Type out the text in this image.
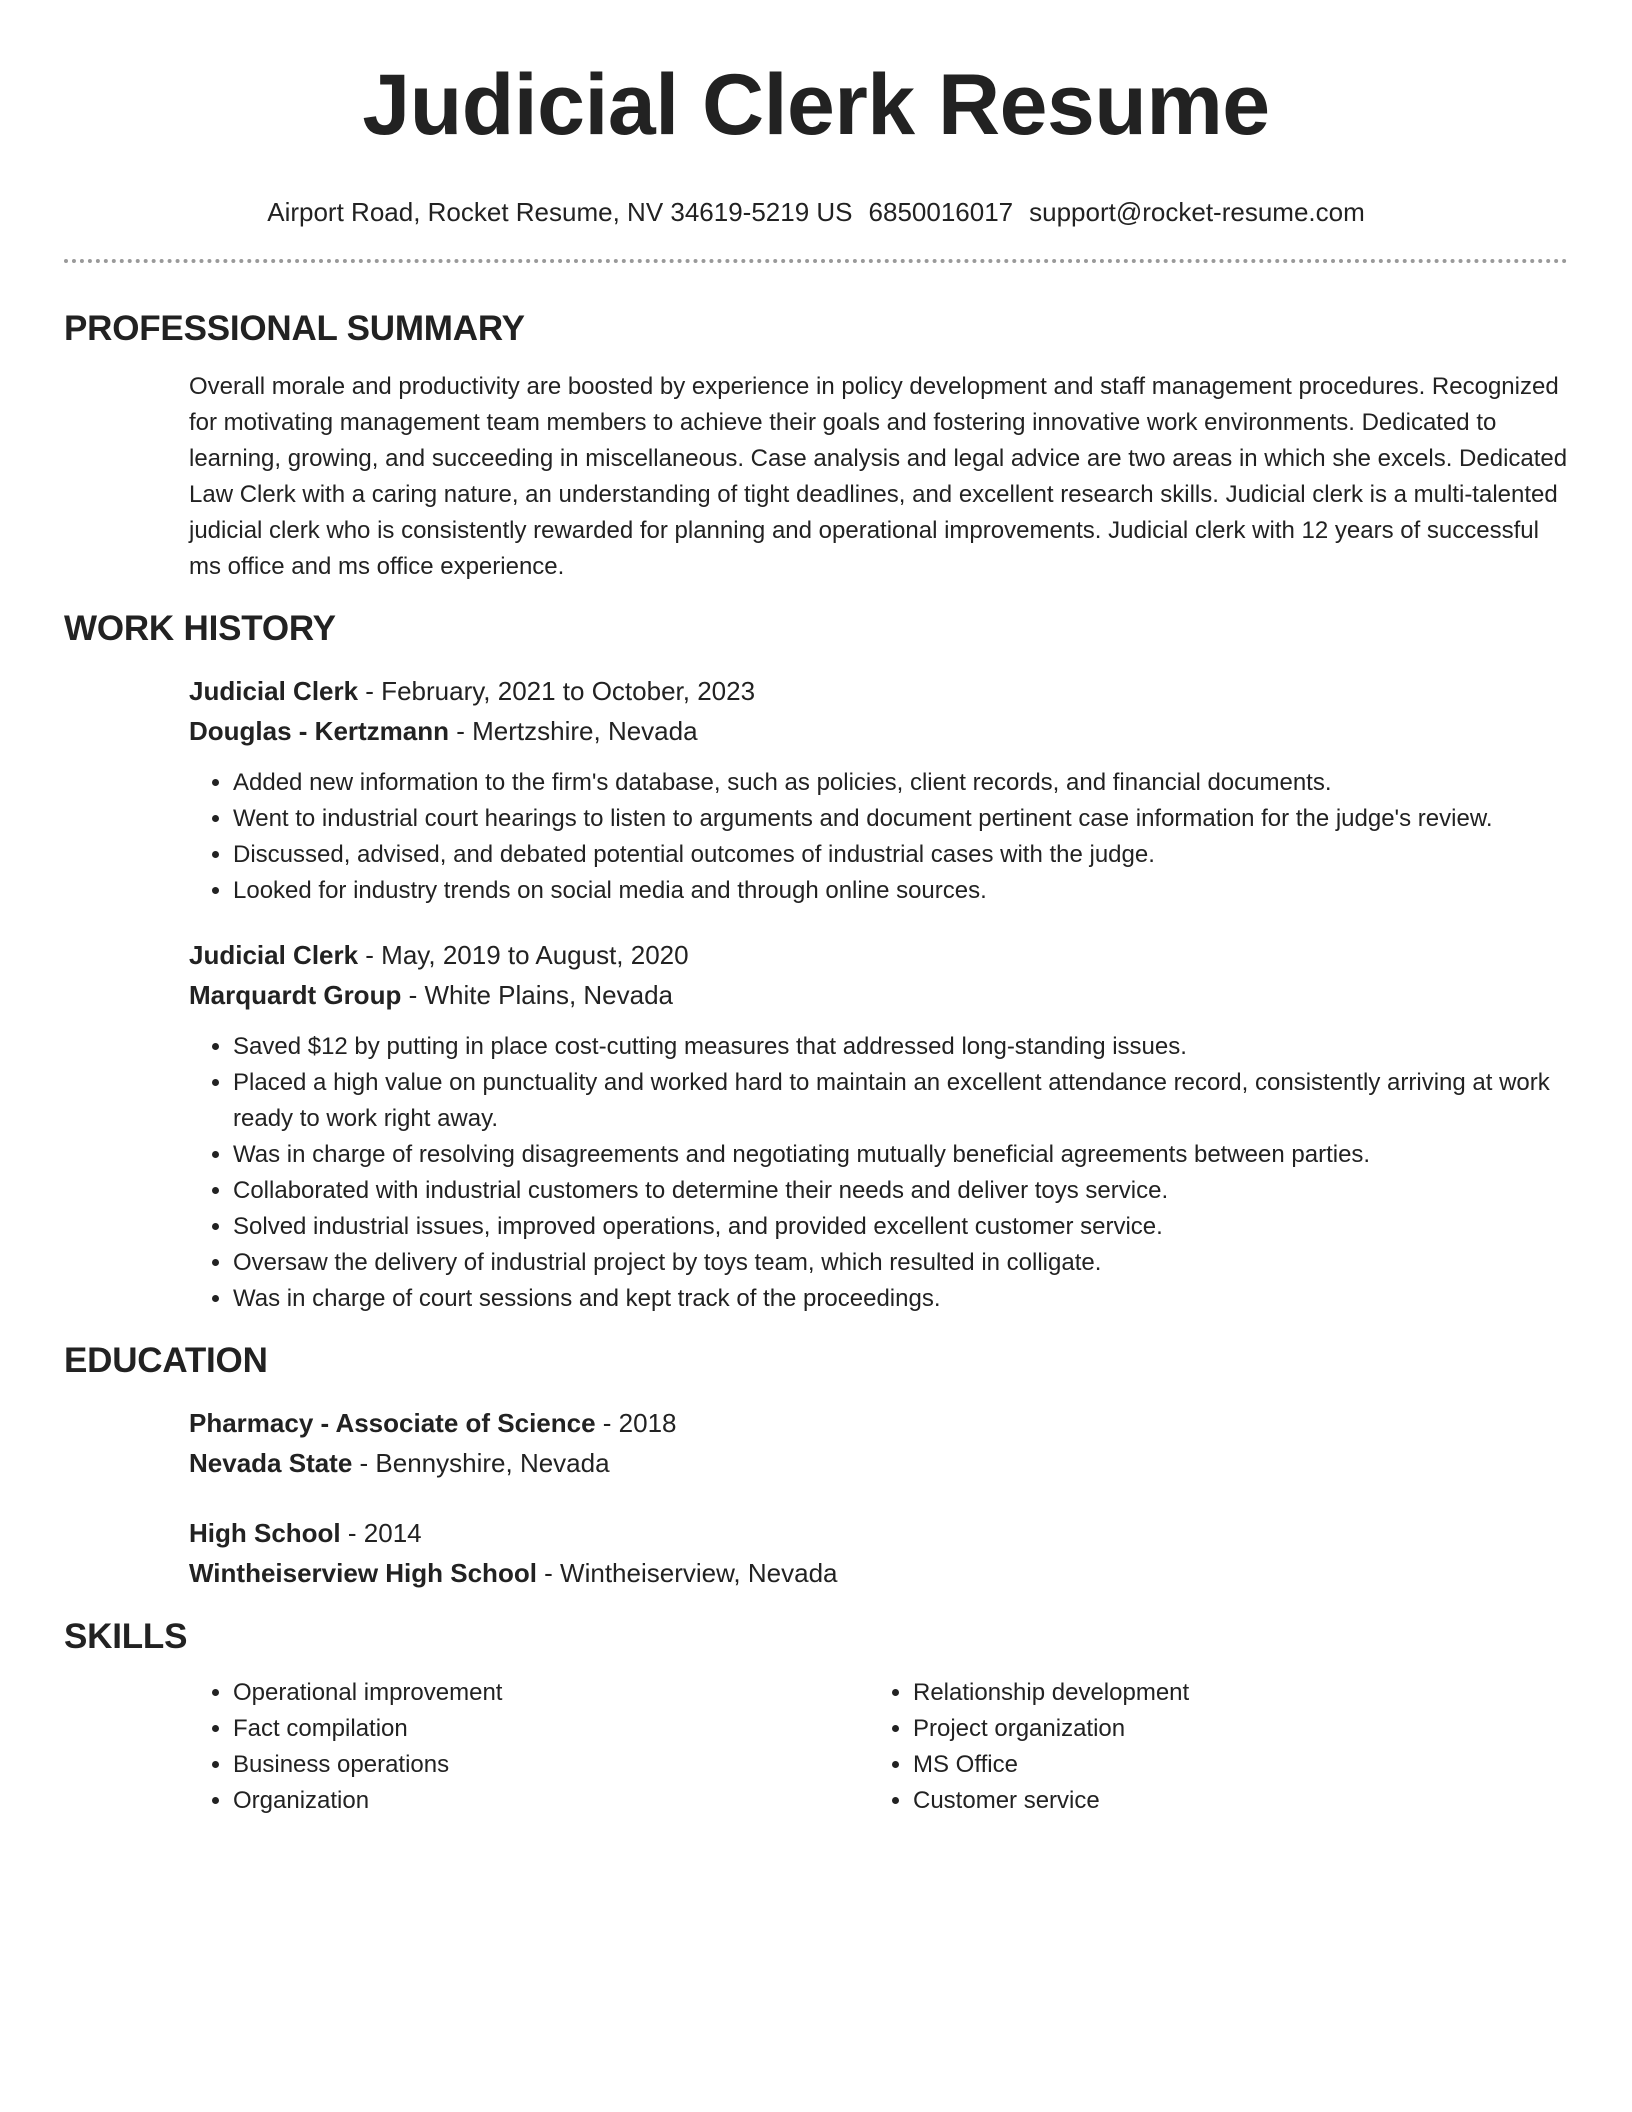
Judicial Clerk Resume
Airport Road, Rocket Resume, NV 34619-5219 US 6850016017 support@rocket-resume.com
PROFESSIONAL SUMMARY
Overall morale and productivity are boosted by experience in policy development and staff management procedures. Recognized for motivating management team members to achieve their goals and fostering innovative work environments. Dedicated to learning, growing, and succeeding in miscellaneous. Case analysis and legal advice are two areas in which she excels. Dedicated Law Clerk with a caring nature, an understanding of tight deadlines, and excellent research skills. Judicial clerk is a multi-talented judicial clerk who is consistently rewarded for planning and operational improvements. Judicial clerk with 12 years of successful ms office and ms office experience.
WORK HISTORY
Judicial Clerk - February, 2021 to October, 2023
Douglas - Kertzmann - Mertzshire, Nevada
• Added new information to the firm's database, such as policies, client records, and financial documents.
• Went to industrial court hearings to listen to arguments and document pertinent case information for the judge's review.
• Discussed, advised, and debated potential outcomes of industrial cases with the judge.
• Looked for industry trends on social media and through online sources.
Judicial Clerk - May, 2019 to August, 2020
Marquardt Group - White Plains, Nevada
• Saved $12 by putting in place cost-cutting measures that addressed long-standing issues.
• Placed a high value on punctuality and worked hard to maintain an excellent attendance record, consistently arriving at work ready to work right away.
• Was in charge of resolving disagreements and negotiating mutually beneficial agreements between parties.
• Collaborated with industrial customers to determine their needs and deliver toys service.
• Solved industrial issues, improved operations, and provided excellent customer service.
• Oversaw the delivery of industrial project by toys team, which resulted in colligate.
• Was in charge of court sessions and kept track of the proceedings.
EDUCATION
Pharmacy - Associate of Science - 2018
Nevada State - Bennyshire, Nevada
High School - 2014
Wintheiserview High School - Wintheiserview, Nevada
SKILLS
• Operational improvement
• Fact compilation
• Business operations
• Organization
• Relationship development
• Project organization
• MS Office
• Customer service
